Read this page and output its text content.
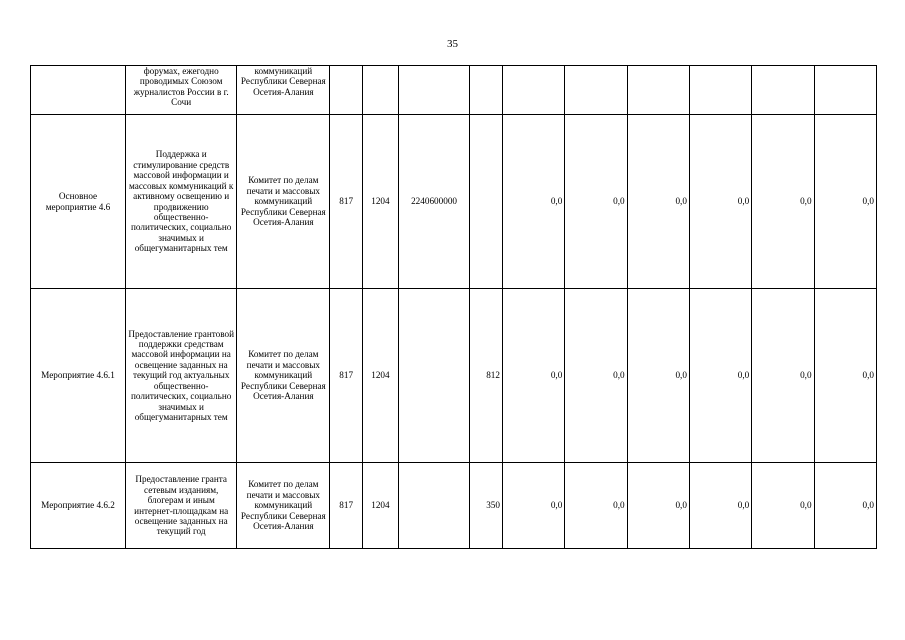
35
	форумах, ежегодно проводимых Союзом журналистов России в г. Сочи	коммуникаций Республики Северная Осетия-Алания										
Основное мероприятие 4.6	Поддержка и стимулирование средств массовой информации и массовых коммуникаций к активному освещению и продвижению общественно-политических, социально значимых и общегуманитарных тем	Комитет по делам печати и массовых коммуникаций Республики Северная Осетия-Алания	817	1204	2240600000		0,0	0,0	0,0	0,0	0,0	0,0
Мероприятие 4.6.1	Предоставление грантовой поддержки средствам массовой информации на освещение заданных на текущий год актуальных общественно-политических, социально значимых и общегуманитарных тем	Комитет по делам печати и массовых коммуникаций Республики Северная Осетия-Алания	817	1204		812	0,0	0,0	0,0	0,0	0,0	0,0
Мероприятие 4.6.2	Предоставление гранта сетевым изданиям, блогерам и иным интернет-площадкам на освещение заданных на текущий год	Комитет по делам печати и массовых коммуникаций Республики Северная Осетия-Алания	817	1204		350	0,0	0,0	0,0	0,0	0,0	0,0
